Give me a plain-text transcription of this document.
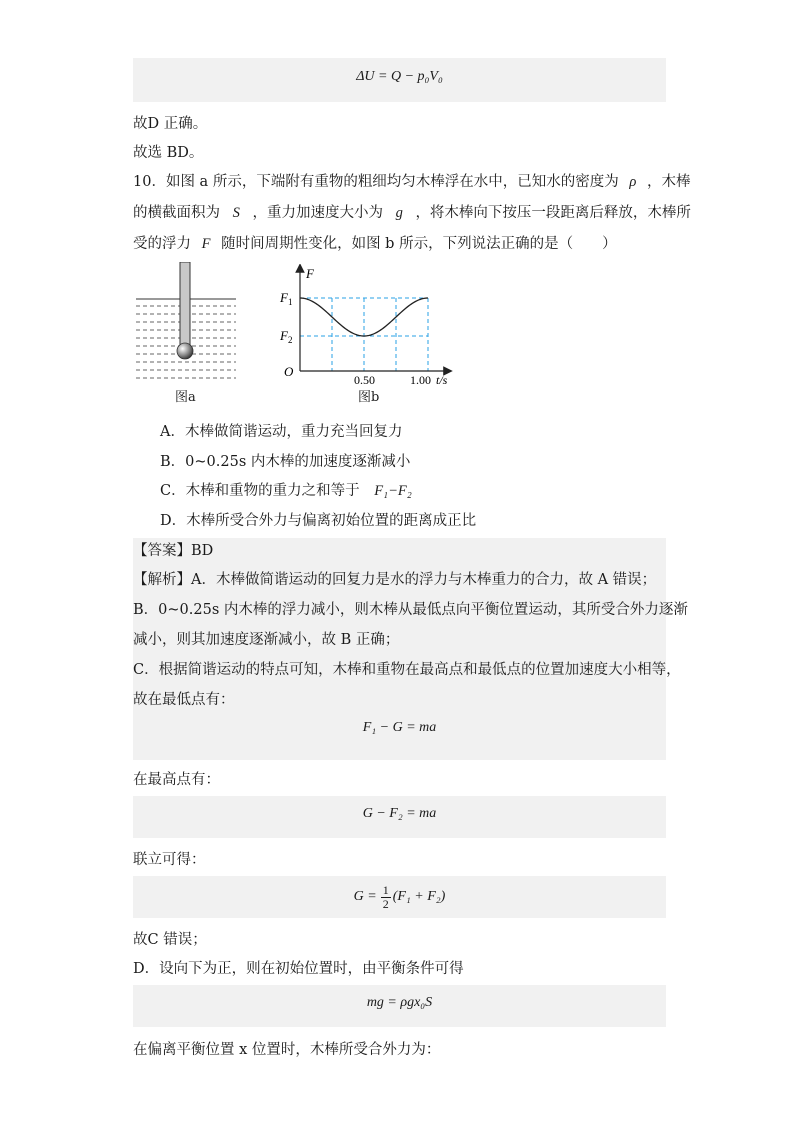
ΔU = Q − p₀V₀
故D 正确。
故选 BD。
10．如图 a 所示，下端附有重物的粗细均匀木棒浮在水中，已知水的密度为 ρ ，木棒
的横截面积为 S ，重力加速度大小为 g ，将木棒向下按压一段距离后释放，木棒所
受的浮力 F 随时间周期性变化，如图 b 所示，下列说法正确的是（　　）
图a
F
$F_1$
$F_2$
O
0.50	1.00 t/s
图b
A．木棒做简谐运动，重力充当回复力
B．0~0.25s 内木棒的加速度逐渐减小
C．木棒和重物的重力之和等于 F₁−F₂
D．木棒所受合外力与偏离初始位置的距离成正比
【答案】BD
【解析】A．木棒做简谐运动的回复力是水的浮力与木棒重力的合力，故 A 错误；
B．0~0.25s 内木棒的浮力减小，则木棒从最低点向平衡位置运动，其所受合外力逐渐
减小，则其加速度逐渐减小，故 B 正确；
C．根据简谐运动的特点可知，木棒和重物在最高点和最低点的位置加速度大小相等，
故在最低点有：
F₁ − G = ma
在最高点有：
G − F₂ = ma
联立可得：
$G = \frac{1}{2} (F_1 + F_2)$
故C 错误；
D．设向下为正，则在初始位置时，由平衡条件可得
mg = ρgx₀S
在偏离平衡位置 x 位置时，木棒所受合外力为：
